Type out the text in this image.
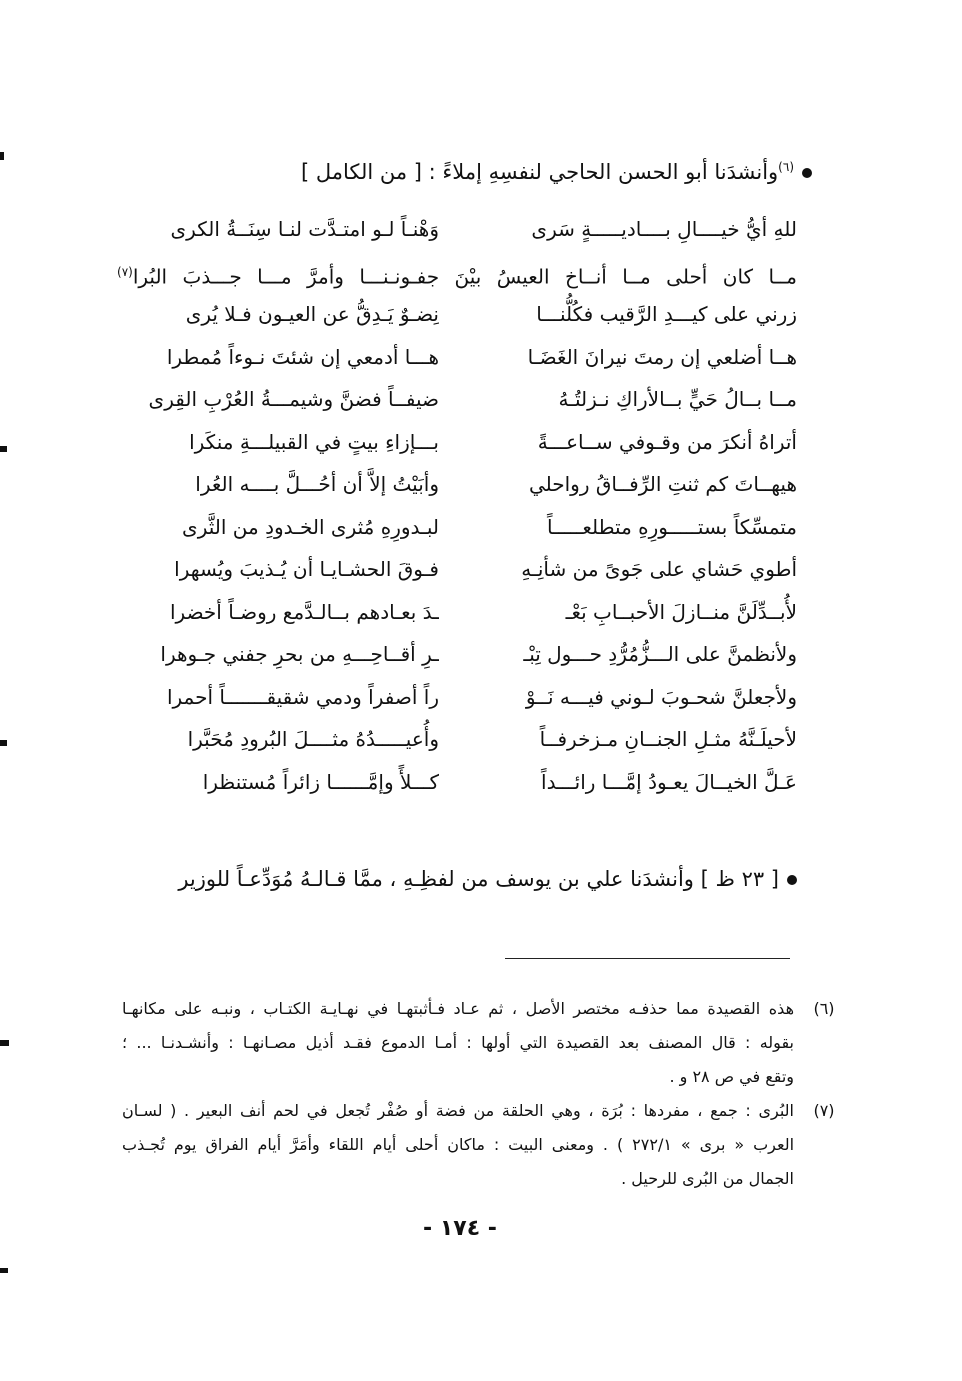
$^{(٦)}$وأنشدَنا أبو الحسن الحاجي لنفسِهِ إملاءً : [ من الكامل ]
للهِ أيُّ خيــــالِ بــــاديـــــةٍ سَرى
وَهْنـاً لـو امتـدَّت لنـا سِنَــةُ الكرى
مــا كان أحلى مــا أنــاخ العيسُ بيْنَ جفـونـنـــا وأمرَّ مـــا جـــذبَ البُرا$^{(٧)}$
زرني على كيـــدِ الرَّقيب فكُلُّنـــا
نِضـوٌ يَـدِقُّ عن العيـون فـلا يُرى
هــا أضلعي إن رمتَ نيرانَ الغَضَـا
هـــا أدمعي إن شئتَ نـوءاً مُمطرا
مــا بــالُ حَيٍّ بــالأراكِ نـزلتُـهُ
ضيفــاً فضنَّ وشيمـــةُ العُرْبِ القِرى
أتراهُ أنكرَ من وقـوفي ســاعـــةً
بـــإزاءِ بيتٍ في القبيلـــةِ منكَرا
هيهــاتَ كم ثنتِ الرِّفــاقُ رواحلي
وأبَيْتُ إلاَّ أن أحُـــلَّ بــــه العُرا
متمسِّكاً بستـــــورِهِ متطلعـــــاً
لبـدورِهِ مُثرى الخـدودِ من الثَّرى
أطوي حَشاي على جَوىً من شأنِـهِ
فـوقَ الحشـايـا أن يُـذيبَ ويُسهرا
لأُبــدِّلَنَّ منــازلَ الأحبــابِ بَعْـ
ـدَ بعـادهم بــالـدَّمع روضـاً أخضرا
ولأنظمنَّ على الـــزُّمُرُّدِ حـــول تِبْـ
ـرِ أقــاحِـــهِ من بحرِ جفني جـوهرا
ولأجعلنَّ شحـوبَ لـوني فيـــه نَــوْ
راً أصفراً ودمي شقيقـــــــاً أحمرا
لأحيلَـنَّهُ مثـلِ الجنــانِ مـزخرفــاً
وأُعيـــــدُهُ مثــــلَ البُرودِ مُحَبَّرا
عَـلَّ الخيــالَ يعـودُ إمَّـــا رائـــداً
كـــلأً وإمَّــــــا زائراً مُستنظرا
[ ٢٣ ظ ] وأنشدَنا علي بن يوسف من لفظِـهِ ، ممَّا قـالـهُ مُوَدِّعـاً للوزير
(٦)
هذه القصيدة مما حذفـه مختصر الأصل ، ثم عـاد فـأثبتهـا في نهـايـة الكتـاب ، ونبـه على مكانهـا
بقوله : قال المصنف بعد القصيدة التي أولها : أمـا الدموع فقـد أذيل مصـانهـا : وأنشـدنـا ... ؛
وتقع في ص ٢٨ و .
(٧)
البُرى : جمع ، مفردها : بُرَة ، وهي الحلقة من فضة أو صُفْر تُجعل في لحم أنف البعير . ( لسـان
العرب « برى » ٢٧٢/١ ) . ومعنى البيت : ماكان أحلى أيام اللقاء وأمَرَّ أيام الفراق يوم تُجـذب
الجمال من البُرى للرحيل .
- ١٧٤ -
